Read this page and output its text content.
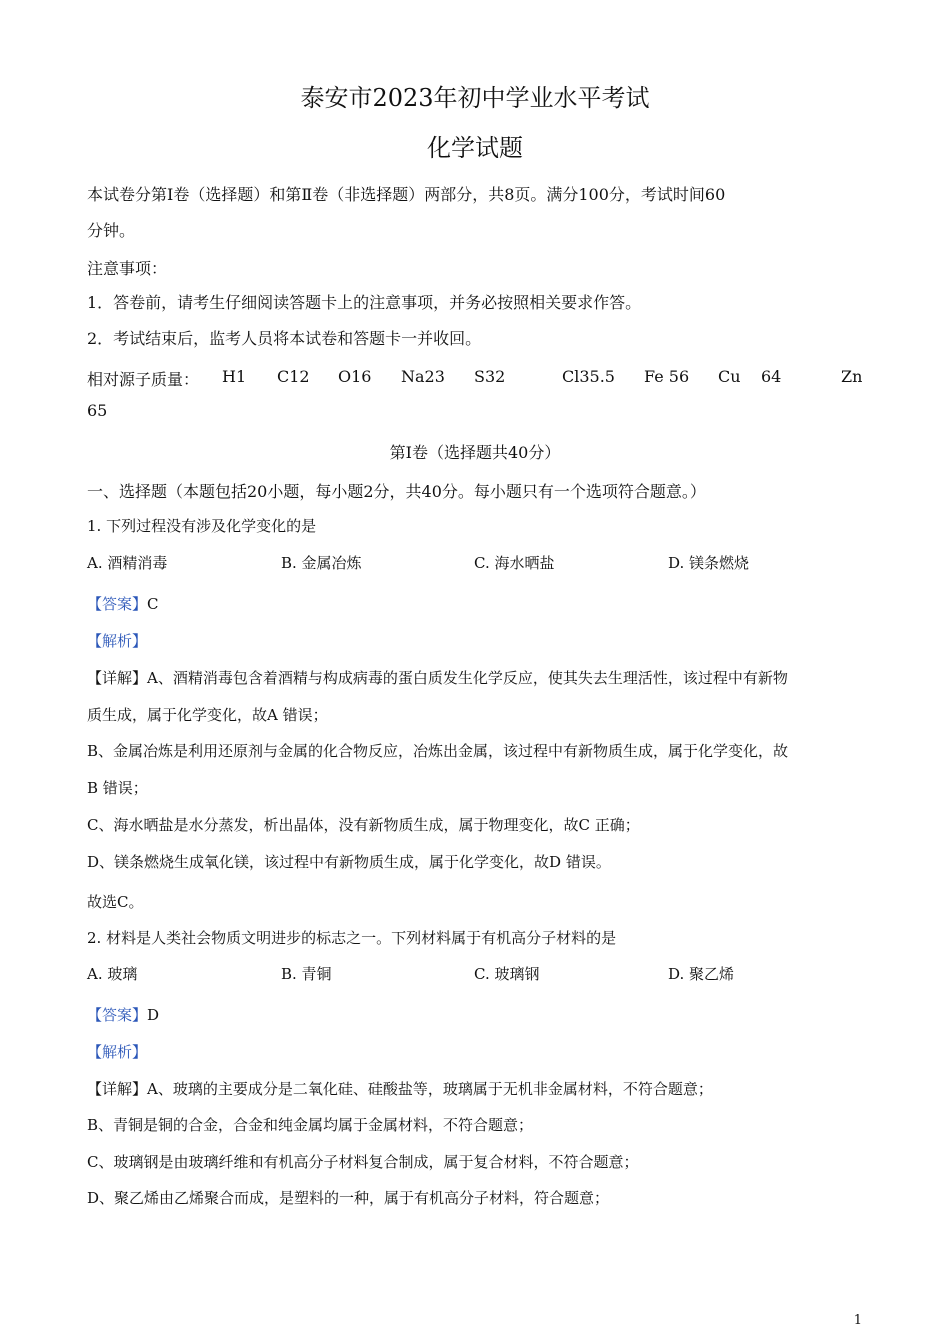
泰安市2023年初中学业水平考试
化学试题
本试卷分第Ⅰ卷（选择题）和第Ⅱ卷（非选择题）两部分，共8页。满分100分，考试时间60
分钟。
注意事项：
1．答卷前，请考生仔细阅读答题卡上的注意事项，并务必按照相关要求作答。
2．考试结束后，监考人员将本试卷和答题卡一并收回。
相对源子质量： H1 C12 O16 Na23 S32	Cl35.5 Fe 56 Cu 64	Zn
65
第Ⅰ卷（选择题共40分）
一、选择题（本题包括20小题，每小题2分，共40分。每小题只有一个选项符合题意。）
1. 下列过程没有涉及化学变化的是
A. 酒精消毒	B. 金属冶炼	C. 海水晒盐	D. 镁条燃烧
【答案】C
【解析】
【详解】A、酒精消毒包含着酒精与构成病毒的蛋白质发生化学反应，使其失去生理活性，该过程中有新物
质生成，属于化学变化，故A 错误；
B、金属冶炼是利用还原剂与金属的化合物反应，冶炼出金属，该过程中有新物质生成，属于化学变化，故
B 错误；
C、海水晒盐是水分蒸发，析出晶体，没有新物质生成，属于物理变化，故C 正确；
D、镁条燃烧生成氧化镁，该过程中有新物质生成，属于化学变化，故D 错误。
故选C。
2. 材料是人类社会物质文明进步的标志之一。下列材料属于有机高分子材料的是
A. 玻璃	B. 青铜	C. 玻璃钢	D. 聚乙烯
【答案】D
【解析】
【详解】A、玻璃的主要成分是二氧化硅、硅酸盐等，玻璃属于无机非金属材料，不符合题意；
B、青铜是铜的合金，合金和纯金属均属于金属材料，不符合题意；
C、玻璃钢是由玻璃纤维和有机高分子材料复合制成，属于复合材料，不符合题意；
D、聚乙烯由乙烯聚合而成，是塑料的一种，属于有机高分子材料，符合题意；
1
